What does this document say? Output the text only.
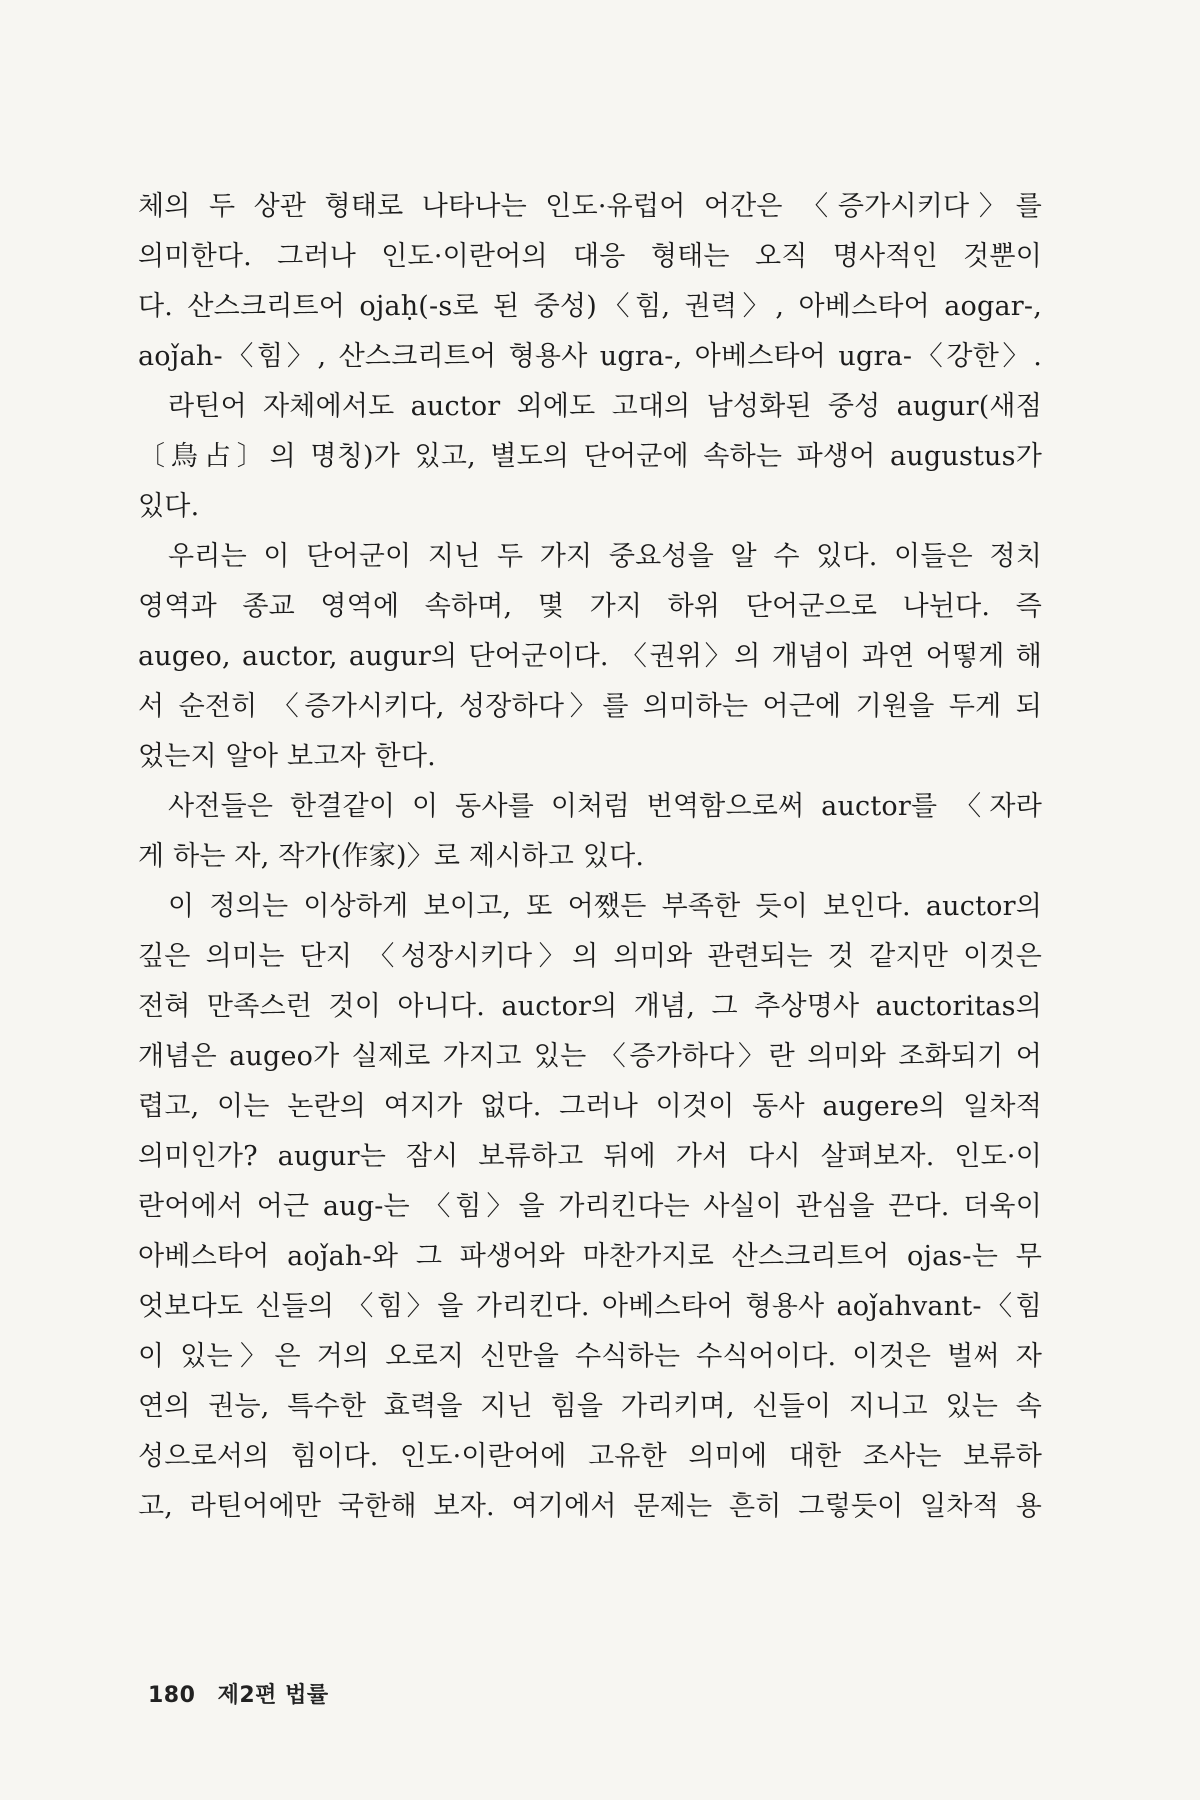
체의 두 상관 형태로 나타나는 인도·유럽어 어간은 〈증가시키다〉를
의미한다. 그러나 인도·이란어의 대응 형태는 오직 명사적인 것뿐이
다. 산스크리트어 ojaḥ(-s로 된 중성)〈힘, 권력〉, 아베스타어 aogar-,
aoǰah-〈힘〉, 산스크리트어 형용사 ugra-, 아베스타어 ugra-〈강한〉.
라틴어 자체에서도 auctor 외에도 고대의 남성화된 중성 augur(새점
〔鳥占〕의 명칭)가 있고, 별도의 단어군에 속하는 파생어 augustus가
있다.
우리는 이 단어군이 지닌 두 가지 중요성을 알 수 있다. 이들은 정치
영역과 종교 영역에 속하며, 몇 가지 하위 단어군으로 나뉜다. 즉
augeo, auctor, augur의 단어군이다. 〈권위〉의 개념이 과연 어떻게 해
서 순전히 〈증가시키다, 성장하다〉를 의미하는 어근에 기원을 두게 되
었는지 알아 보고자 한다.
사전들은 한결같이 이 동사를 이처럼 번역함으로써 auctor를 〈자라
게 하는 자, 작가(作家)〉로 제시하고 있다.
이 정의는 이상하게 보이고, 또 어쨌든 부족한 듯이 보인다. auctor의
깊은 의미는 단지 〈성장시키다〉의 의미와 관련되는 것 같지만 이것은
전혀 만족스런 것이 아니다. auctor의 개념, 그 추상명사 auctoritas의
개념은 augeo가 실제로 가지고 있는 〈증가하다〉란 의미와 조화되기 어
렵고, 이는 논란의 여지가 없다. 그러나 이것이 동사 augere의 일차적
의미인가? augur는 잠시 보류하고 뒤에 가서 다시 살펴보자. 인도·이
란어에서 어근 aug-는 〈힘〉을 가리킨다는 사실이 관심을 끈다. 더욱이
아베스타어 aoǰah-와 그 파생어와 마찬가지로 산스크리트어 ojas-는 무
엇보다도 신들의 〈힘〉을 가리킨다. 아베스타어 형용사 aoǰahvant-〈힘
이 있는〉은 거의 오로지 신만을 수식하는 수식어이다. 이것은 벌써 자
연의 권능, 특수한 효력을 지닌 힘을 가리키며, 신들이 지니고 있는 속
성으로서의 힘이다. 인도·이란어에 고유한 의미에 대한 조사는 보류하
고, 라틴어에만 국한해 보자. 여기에서 문제는 흔히 그렇듯이 일차적 용
180 제2편 법률
